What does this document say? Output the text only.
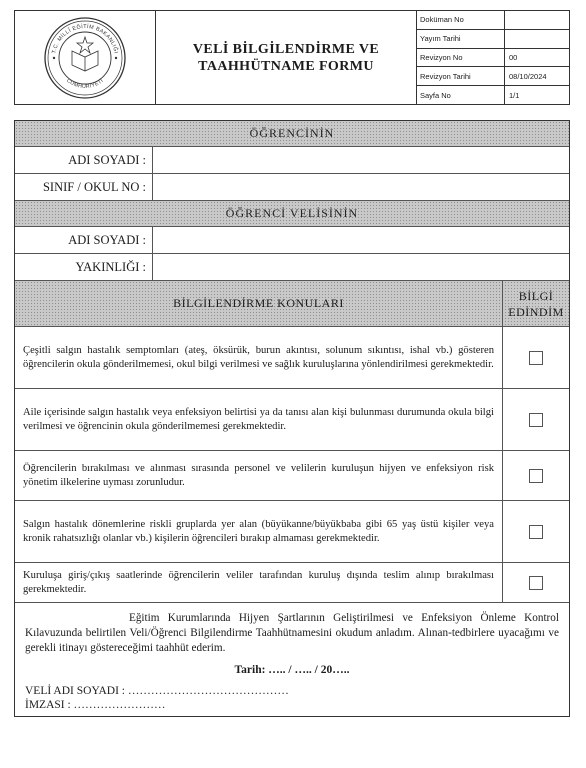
T.C. MİLLÎ EĞİTİM BAKANLIĞI
CUMHURİYETİ
VELİ BİLGİLENDİRME VE
TAAHHÜTNAME FORMU
Doküman No
Yayım Tarihi
Revizyon No	00
Revizyon Tarihi	08/10/2024
Sayfa No	1/1
ÖĞRENCİNİN
ADI SOYADI :
SINIF / OKUL NO :
ÖĞRENCİ VELİSİNİN
ADI SOYADI :
YAKINLIĞI :
BİLGİLENDİRME KONULARI
BİLGİ
EDİNDİM
Çeşitli salgın hastalık semptomları (ateş, öksürük, burun akıntısı, solunum sıkıntısı, ishal vb.) gösteren öğrencilerin okula gönderilmemesi, okul bilgi verilmesi ve sağlık kuruluşlarına yönlendirilmesi gerekmektedir.
Aile içerisinde salgın hastalık veya enfeksiyon belirtisi ya da tanısı alan kişi bulunması durumunda okula bilgi verilmesi ve öğrencinin okula gönderilmemesi gerekmektedir.
Öğrencilerin bırakılması ve alınması sırasında personel ve velilerin kuruluşun hijyen ve enfeksiyon risk yönetim ilkelerine uyması zorunludur.
Salgın hastalık dönemlerine riskli gruplarda yer alan (büyükanne/büyükbaba gibi 65 yaş üstü kişiler veya kronik rahatsızlığı olanlar vb.) kişilerin öğrencileri bırakıp almaması gerekmektedir.
Kuruluşa giriş/çıkış saatlerinde öğrencilerin veliler tarafından kuruluş dışında teslim alınıp bırakılması gerekmektedir.
Eğitim Kurumlarında Hijyen Şartlarının Geliştirilmesi ve Enfeksiyon Önleme Kontrol Kılavuzunda belirtilen Veli/Öğrenci Bilgilendirme Taahhütnamesini okudum anladım. Alınan-tedbirlere uyacağımı ve gerekli itinayı göstereceğimi taahhüt ederim.
Tarih: ….. / ….. / 20…..
VELİ ADI SOYADI : ……………………………………
İMZASI : ……………………
